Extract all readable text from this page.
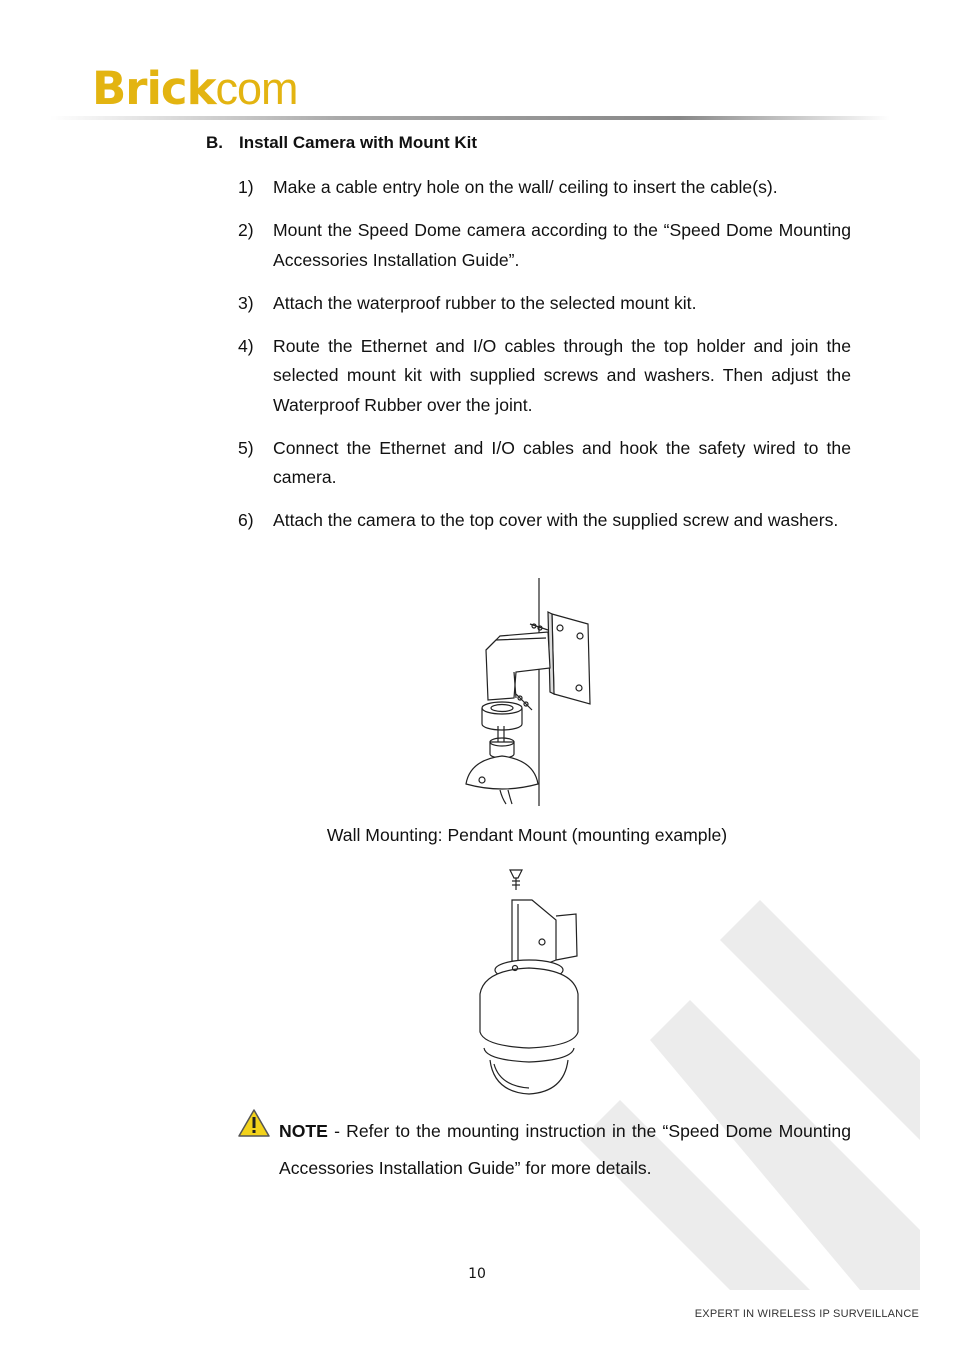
Brickcom
B. Install Camera with Mount Kit
1) Make a cable entry hole on the wall/ ceiling to insert the cable(s).
2) Mount the Speed Dome camera according to the “Speed Dome Mounting Accessories Installation Guide”.
3) Attach the waterproof rubber to the selected mount kit.
4) Route the Ethernet and I/O cables through the top holder and join the selected mount kit with supplied screws and washers. Then adjust the Waterproof Rubber over the joint.
5) Connect the Ethernet and I/O cables and hook the safety wired to the camera.
6) Attach the camera to the top cover with the supplied screw and washers.
Wall Mounting: Pendant Mount (mounting example)
NOTE - Refer to the mounting instruction in the “Speed Dome Mounting Accessories Installation Guide” for more details.
10
EXPERT IN WIRELESS IP SURVEILLANCE
